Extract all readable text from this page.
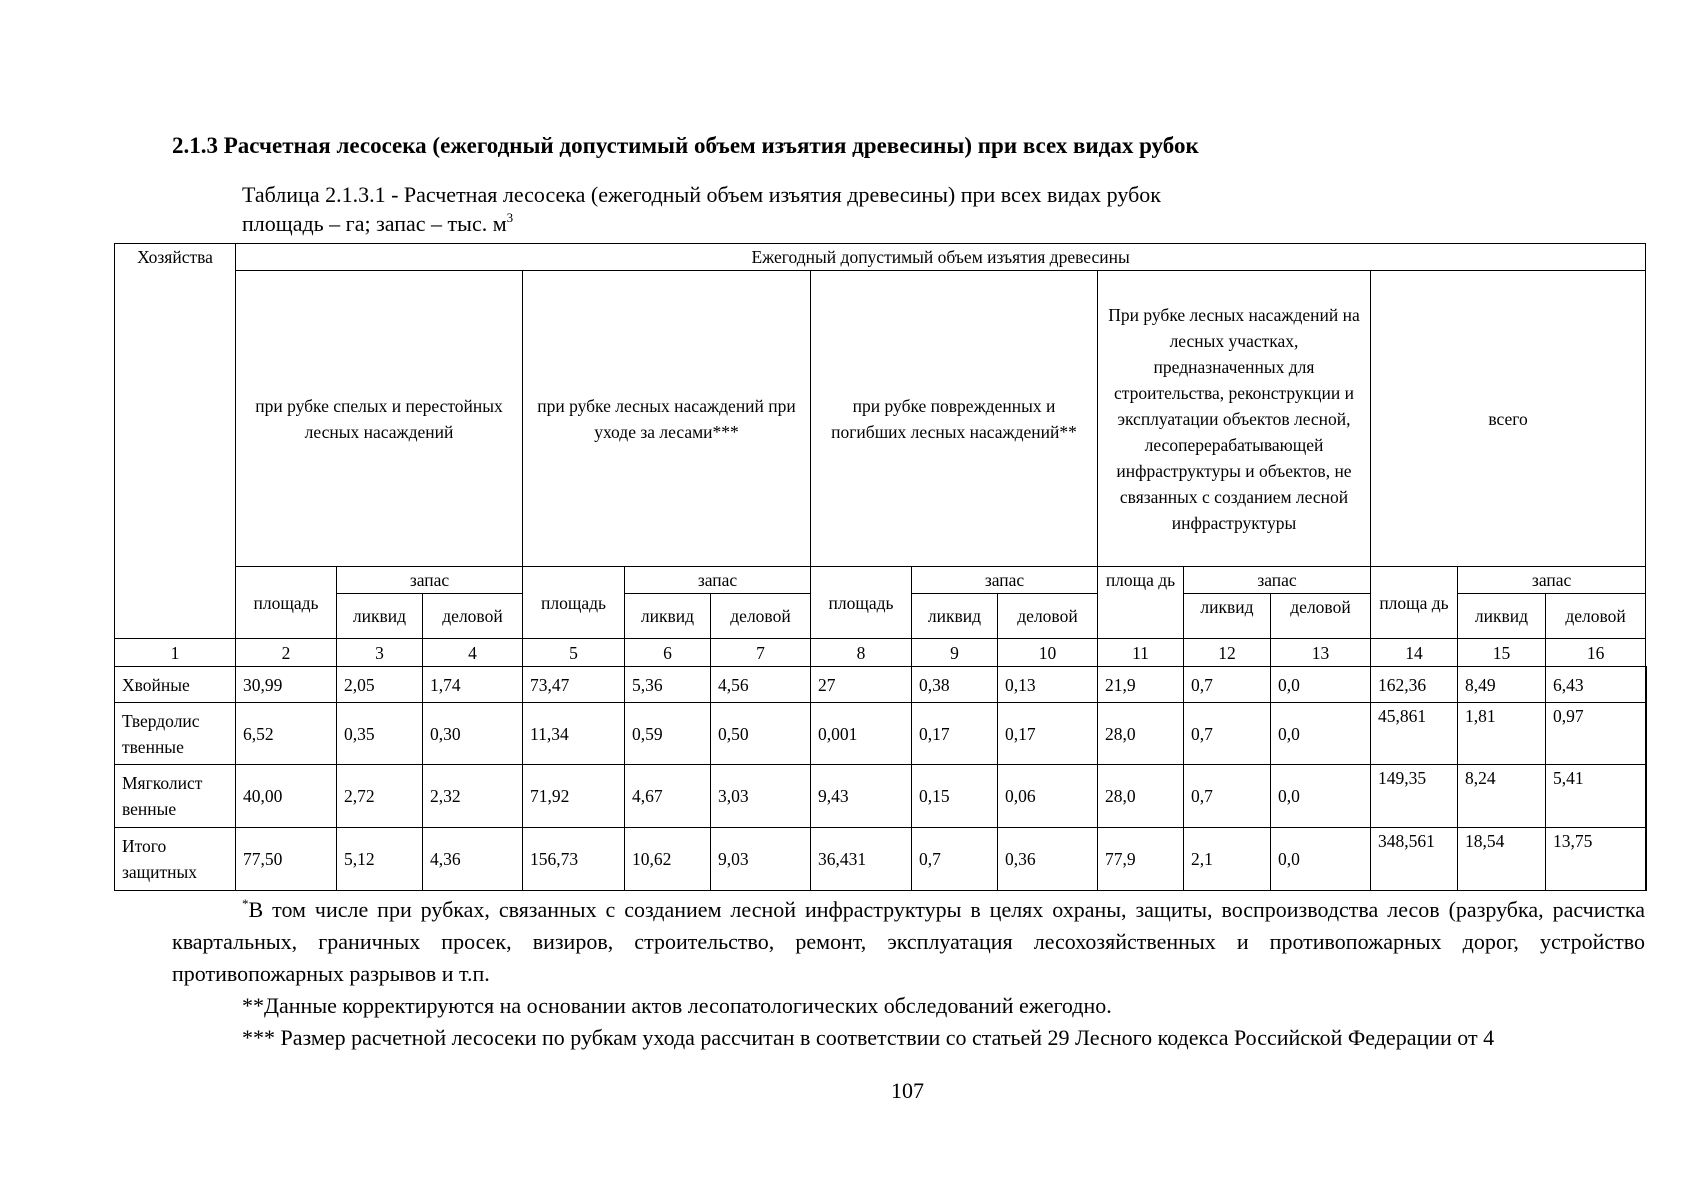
2.1.3 Расчетная лесосека (ежегодный допустимый объем изъятия древесины) при всех видах рубок
Таблица 2.1.3.1 - Расчетная лесосека (ежегодный объем изъятия древесины) при всех видах рубок
площадь – га; запас – тыс. $м^3$
Хозяйства	Ежегодный допустимый объем изъятия древесины														
	при рубке спелых и перестойных лесных насаждений			при рубке лесных насаждений при уходе за лесами***			при рубке поврежденных и погибших лесных насаждений**			При рубке лесных насаждений на лесных участках, предназначенных для строительства, реконструкции и эксплуатации объектов лесной, лесоперерабатывающей инфраструктуры и объектов, не связанных с созданием лесной инфраструктуры			всего		
	площадь	запас		площадь	запас		площадь	запас		площа дь	запас		площа дь	запас	
		ликвид	деловой		ликвид	деловой		ликвид	деловой		ликвид	деловой		ликвид	деловой
1	2	3	4	5	6	7	8	9	10	11	12	13	14	15	16
Хвойные	30,99	2,05	1,74	73,47	5,36	4,56	27	0,38	0,13	21,9	0,7	0,0	162,36	8,49	6,43
Твердолис твенные	6,52	0,35	0,30	11,34	0,59	0,50	0,001	0,17	0,17	28,0	0,7	0,0	45,861	1,81	0,97
Мягколист венные	40,00	2,72	2,32	71,92	4,67	3,03	9,43	0,15	0,06	28,0	0,7	0,0	149,35	8,24	5,41
Итого защитных	77,50	5,12	4,36	156,73	10,62	9,03	36,431	0,7	0,36	77,9	2,1	0,0	348,561	18,54	13,75

*В том числе при рубках, связанных с созданием лесной инфраструктуры в целях охраны, защиты, воспроизводства лесов (разрубка, расчистка квартальных, граничных просек, визиров, строительство, ремонт, эксплуатация лесохозяйственных и противопожарных дорог, устройство противопожарных разрывов и т.п.

**Данные корректируются на основании актов лесопатологических обследований ежегодно.

*** Размер расчетной лесосеки по рубкам ухода рассчитан в соответствии со статьей 29 Лесного кодекса Российской Федерации от 4

107
